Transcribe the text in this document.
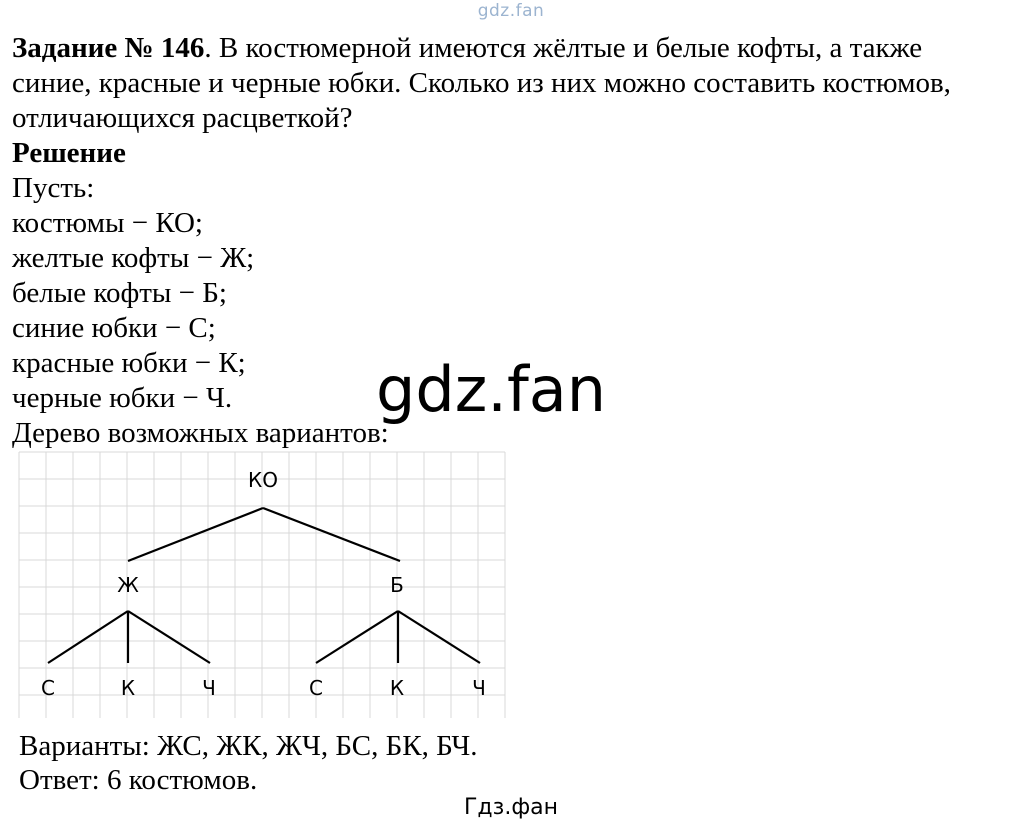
gdz.fan

Задание № 146. В костюмерной имеются жёлтые и белые кофты, а также

синие, красные и черные юбки. Сколько из них можно составить костюмов,

отличающихся расцветкой?

Решение

Пусть:

костюмы − КО;

желтые кофты − Ж;

белые кофты − Б;

синие юбки − С;

красные юбки − К;

черные юбки − Ч.

Дерево возможных вариантов:

gdz.fan
КО
Ж	Б
С	К	Ч	С	К	Ч

Варианты: ЖС, ЖК, ЖЧ, БС, БК, БЧ.

Ответ: 6 костюмов.

Гдз.фан
